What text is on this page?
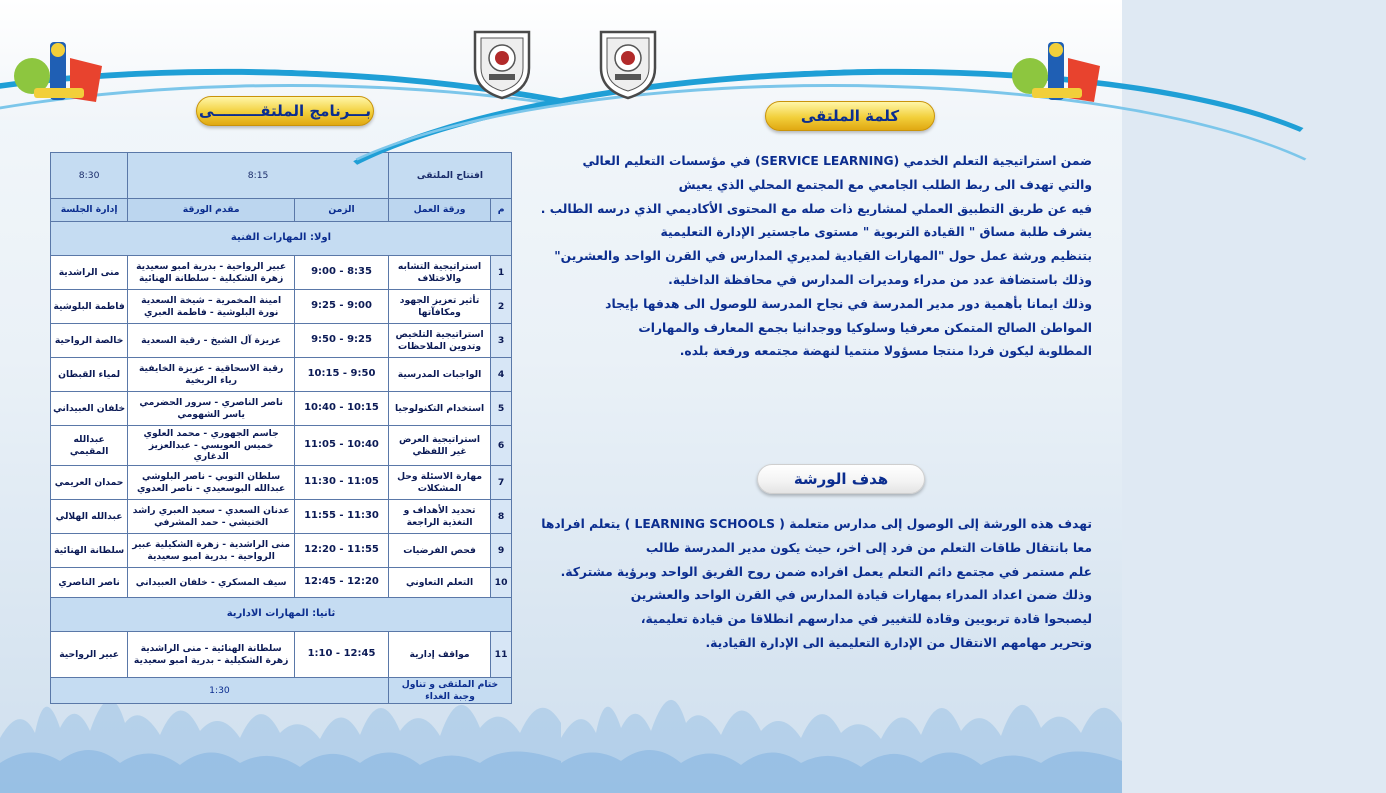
بـــرنامج الملتقـــــــــى
افتتاح الملتقى		8:15		8:30
م	ورقة العمل	الزمن	مقدم الورقة	إدارة الجلسة
اولا: المهارات الفنية				
1	استراتيجية التشابه والاختلاف	8:35 - 9:00	عبير الرواحية - بدرية امبو سعيدية زهرة الشكيلية - سلطانة الهنائية	منى الراشدية
2	تأثير تعزيز الجهود ومكافآتها	9:00 - 9:25	امينة المخمرية – شيخة السعدية نورة البلوشية - فاطمة العبري	فاطمة البلوشية
3	استراتيجية التلخيص وتدوين الملاحظات	9:25 - 9:50	عزيزة آل الشيخ - رقية السعدية	خالصة الرواحية
4	الواجبات المدرسية	9:50 - 10:15	رقية الاسحاقية - عزيزة الخايفية رياء الربخية	لمياء القبطان
5	استخدام التكنولوجيا	10:15 - 10:40	ناصر الناصري - سرور الحضرمي ياسر الشهومي	خلفان العبيداني
6	استراتيجية العرض غير اللفظي	10:40 - 11:05	جاسم الجهوري - محمد العلوي خميس العويسي - عبدالعزيز الدغاري	عبدالله المقيمي
7	مهارة الاسئلة وحل المشكلات	11:05 - 11:30	سلطان التوبي - ناصر البلوشي عبدالله البوسعيدي - ناصر العدوي	حمدان العريمي
8	تحديد الأهداف و التغذية الراجعة	11:30 - 11:55	عدنان السعدي - سعيد العبري راشد الخنيشي - حمد المشرفي	عبدالله الهلالي
9	فحص الفرضيات	11:55 - 12:20	منى الراشدية - زهرة الشكيلية عبير الرواحية - بدرية امبو سعيدية	سلطانة الهنائية
10	التعلم التعاوني	12:20 - 12:45	سيف المسكري - خلفان العبيداني	ناصر الناصري
ثانيا: المهارات الادارية				
11	مواقف إدارية	12:45 - 1:10	سلطانة الهنائية - منى الراشدية زهرة الشكيلية - بدرية امبو سعيدية	عبير الرواحية
ختام الملتقى و تناول وجبة الغداء		1:30		
كلمة الملتقى
هدف الورشة

ضمن استراتيجية التعلم الخدمي (SERVICE LEARNING) في مؤسسات التعليم العالي

والتي تهدف الى ربط الطلب الجامعي مع المجتمع المحلي الذي يعيش

فيه عن طريق التطبيق العملي لمشاريع ذات صله مع المحتوى الأكاديمي الذي درسه الطالب .

يشرف طلبة مساق " القيادة التربوية " مستوى ماجستير الإدارة التعليمية

بتنظيم ورشة عمل حول "المهارات القيادية لمديري المدارس في القرن الواحد والعشرين"

وذلك باستضافة عدد من مدراء ومديرات المدارس في محافظة الداخلية.

وذلك ايمانا بأهمية دور مدير المدرسة في نجاح المدرسة للوصول الى هدفها بإيجاد

المواطن الصالح المتمكن معرفيا وسلوكيا ووجدانيا بجمع المعارف والمهارات

المطلوبة ليكون فردا منتجا مسؤولا منتميا لنهضة مجتمعه ورفعة بلده.

تهدف هذه الورشة إلى الوصول إلى مدارس متعلمة ( LEARNING SCHOOLS ) يتعلم افرادها

معا بانتقال طاقات التعلم من فرد إلى اخر، حيث يكون مدير المدرسة طالب

علم مستمر في مجتمع دائم التعلم يعمل افراده ضمن روح الفريق الواحد وبرؤية مشتركة.

وذلك ضمن اعداد المدراء بمهارات قيادة المدارس في القرن الواحد والعشرين

ليصبحوا قادة تربويين وقادة للتغيير في مدارسهم انطلاقا من قيادة تعليمية،

وتحرير مهامهم الانتقال من الإدارة التعليمية الى الإدارة القيادية.
